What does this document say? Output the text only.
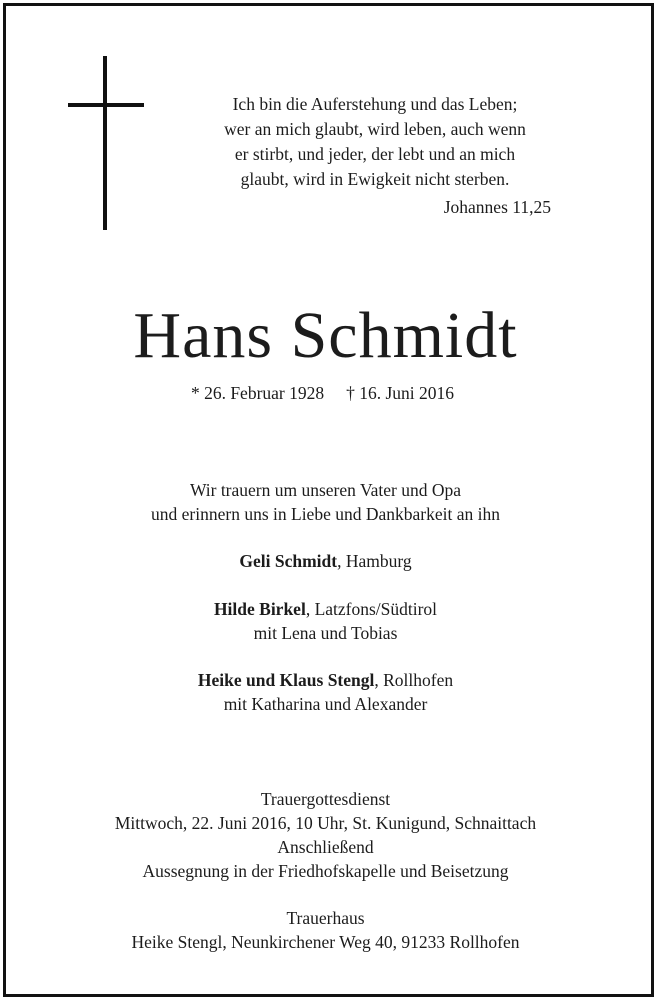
Ich bin die Auferstehung und das Leben;
wer an mich glaubt, wird leben, auch wenn
er stirbt, und jeder, der lebt und an mich
glaubt, wird in Ewigkeit nicht sterben.
Johannes 11,25
Hans Schmidt
* 26. Februar 1928 † 16. Juni 2016
Wir trauern um unseren Vater und Opa
und erinnern uns in Liebe und Dankbarkeit an ihn
Geli Schmidt, Hamburg
Hilde Birkel, Latzfons/Südtirol
mit Lena und Tobias
Heike und Klaus Stengl, Rollhofen
mit Katharina und Alexander
Trauergottesdienst
Mittwoch, 22. Juni 2016, 10 Uhr, St. Kunigund, Schnaittach
Anschließend
Aussegnung in der Friedhofskapelle und Beisetzung
Trauerhaus
Heike Stengl, Neunkirchener Weg 40, 91233 Rollhofen
